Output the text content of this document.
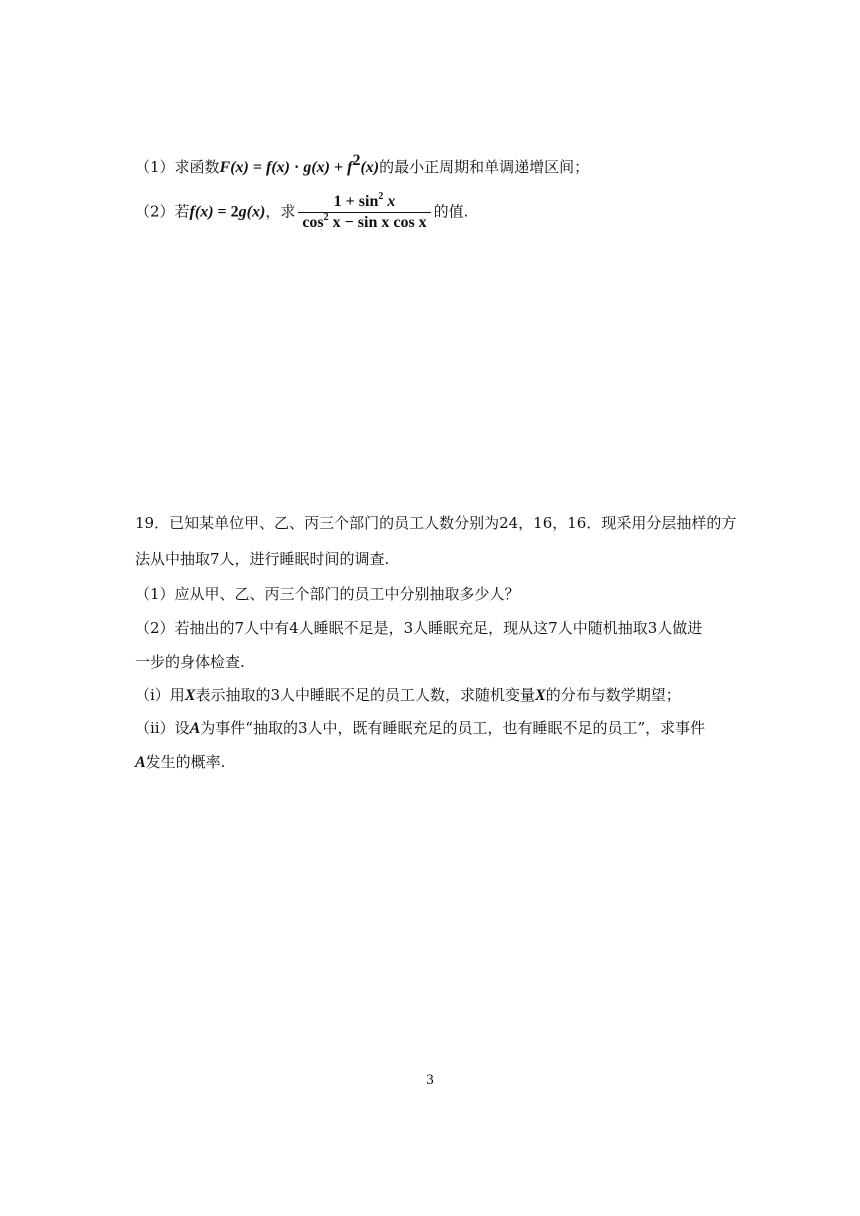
（1）求函数$F(x) = f(x) \cdot g(x) + f^2(x)$的最小正周期和单调递增区间；
（2）若f(x) = 2g(x)，求 $\frac{1 + \sin^2 x}{\cos^2 x - \sin x \cos x}$ 的值.
19．已知某单位甲、乙、丙三个部门的员工人数分别为24，16，16．现采用分层抽样的方
法从中抽取7人，进行睡眠时间的调查.
（1）应从甲、乙、丙三个部门的员工中分别抽取多少人？
（2）若抽出的7人中有4人睡眠不足是，3人睡眠充足，现从这7人中随机抽取3人做进
一步的身体检查.
（i）用X表示抽取的3人中睡眠不足的员工人数，求随机变量X的分布与数学期望；
（ii）设A为事件“抽取的3人中，既有睡眠充足的员工，也有睡眠不足的员工”，求事件
A发生的概率.
3
